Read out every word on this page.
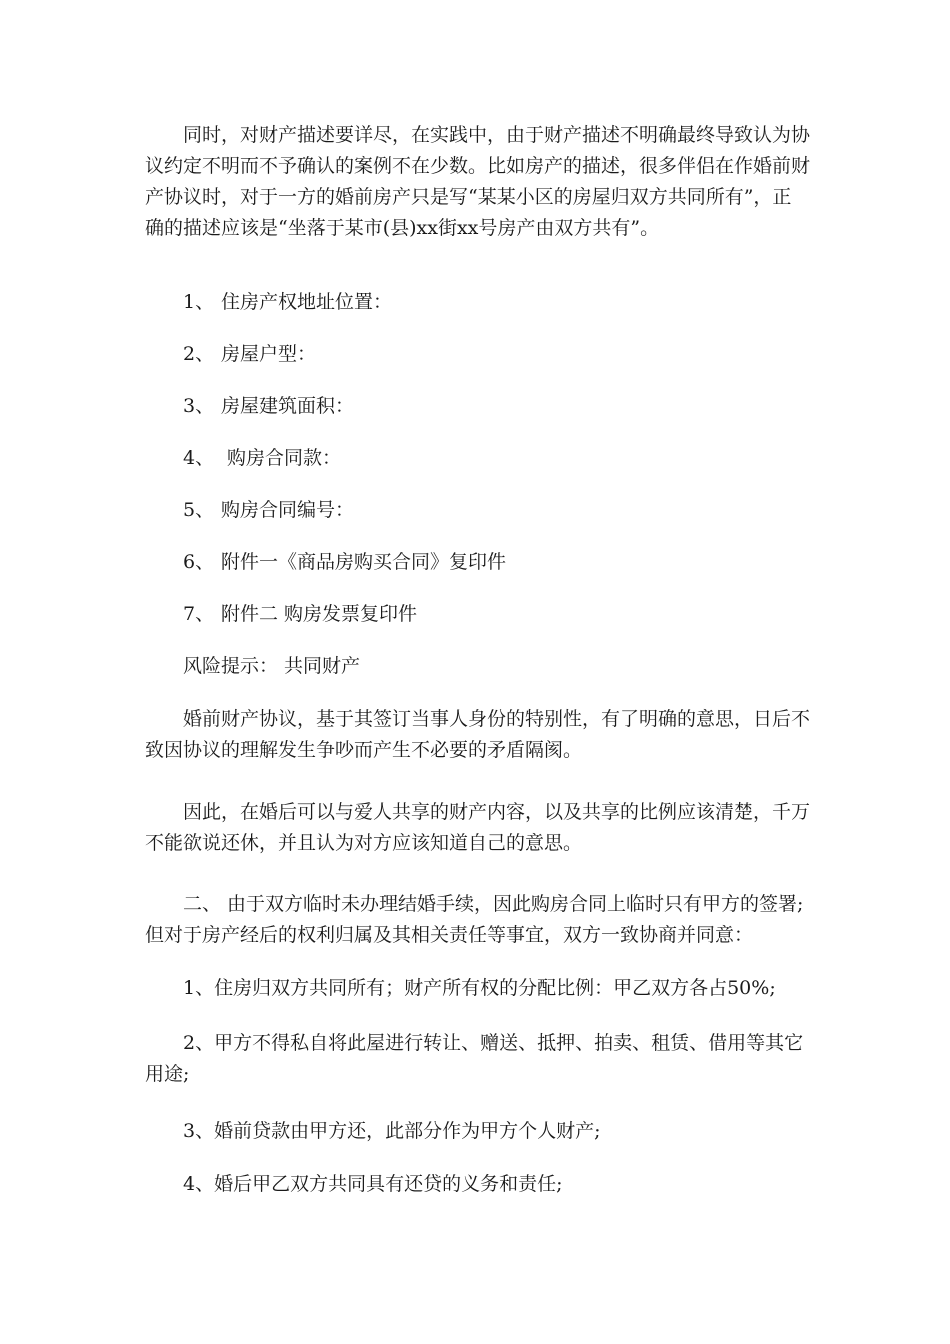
同时，对财产描述要详尽，在实践中，由于财产描述不明确最终导致认为协议约定不明而不予确认的案例不在少数。比如房产的描述，很多伴侣在作婚前财产协议时，对于一方的婚前房产只是写“某某小区的房屋归双方共同所有”，正确的描述应该是“坐落于某市(县)xx街xx号房产由双方共有”。

1、 住房产权地址位置：
2、 房屋户型：
3、 房屋建筑面积：
4、 购房合同款：
5、 购房合同编号：
6、 附件一《商品房购买合同》复印件
7、 附件二 购房发票复印件
风险提示： 共同财产

婚前财产协议，基于其签订当事人身份的特别性，有了明确的意思，日后不致因协议的理解发生争吵而产生不必要的矛盾隔阂。

因此，在婚后可以与爱人共享的财产内容，以及共享的比例应该清楚，千万不能欲说还休，并且认为对方应该知道自己的意思。

二、 由于双方临时未办理结婚手续，因此购房合同上临时只有甲方的签署;但对于房产经后的权利归属及其相关责任等事宜，双方一致协商并同意：

1、住房归双方共同所有；财产所有权的分配比例：甲乙双方各占50%;

2、甲方不得私自将此屋进行转让、赠送、抵押、拍卖、租赁、借用等其它用途;

3、婚前贷款由甲方还，此部分作为甲方个人财产;

4、婚后甲乙双方共同具有还贷的义务和责任;
